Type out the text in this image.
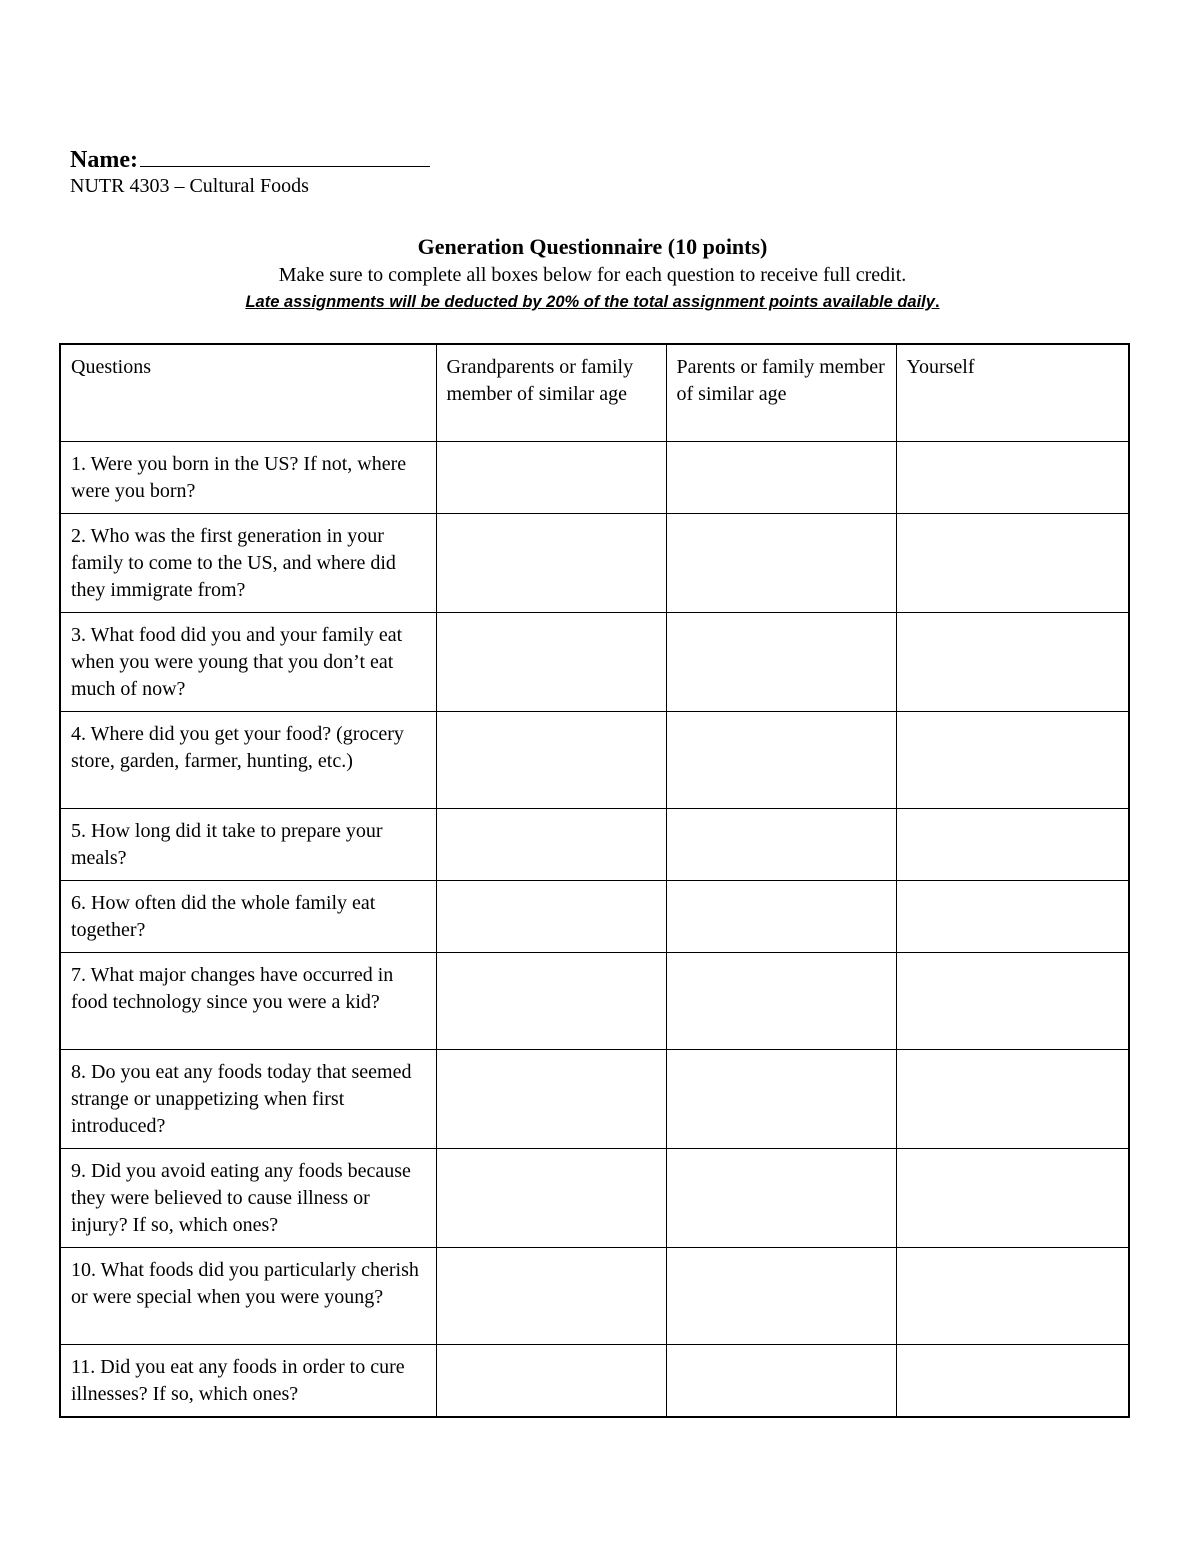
Name:
NUTR 4303 – Cultural Foods
Generation Questionnaire (10 points)
Make sure to complete all boxes below for each question to receive full credit.
Late assignments will be deducted by 20% of the total assignment points available daily.
Questions	Grandparents or family member of similar age	Parents or family member of similar age	Yourself
1. Were you born in the US? If not, where were you born?			
2. Who was the first generation in your family to come to the US, and where did they immigrate from?			
3. What food did you and your family eat when you were young that you don’t eat much of now?			
4. Where did you get your food? (grocery store, garden, farmer, hunting, etc.)			
5. How long did it take to prepare your meals?			
6. How often did the whole family eat together?			
7. What major changes have occurred in food technology since you were a kid?			
8. Do you eat any foods today that seemed strange or unappetizing when first introduced?			
9. Did you avoid eating any foods because they were believed to cause illness or injury? If so, which ones?			
10. What foods did you particularly cherish or were special when you were young?			
11. Did you eat any foods in order to cure illnesses? If so, which ones?			
